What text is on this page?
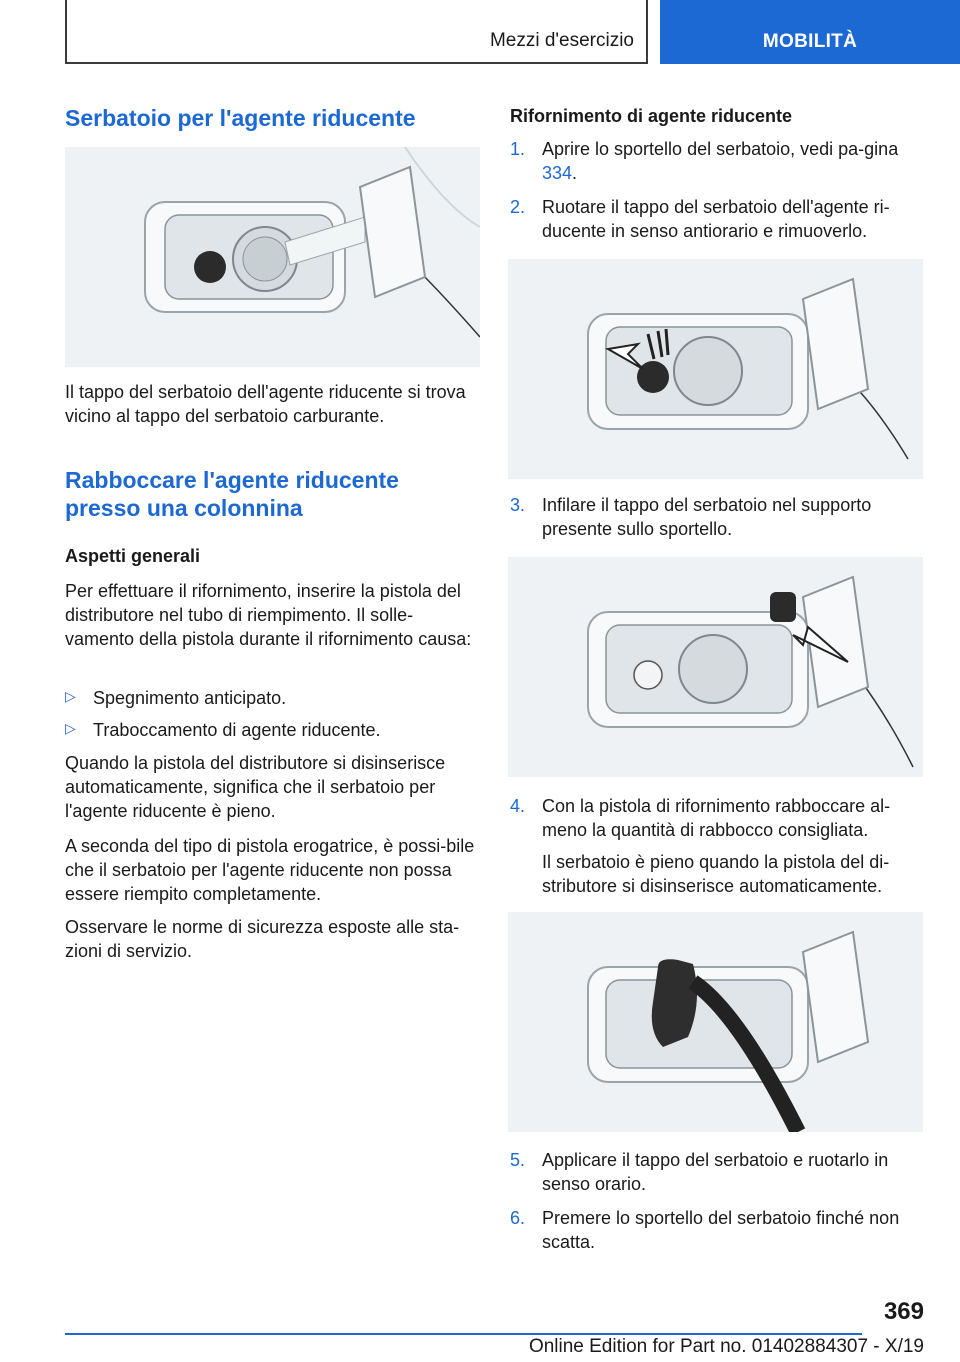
Mezzi d'esercizio	MOBILITÀ
Serbatoio per l'agente riducente

Il tappo del serbatoio dell'agente riducente si trova vicino al tappo del serbatoio carburante.

Rabboccare l'agente riducente presso una colonnina
Aspetti generali

Per effettuare il rifornimento, inserire la pistola del distributore nel tubo di riempimento. Il solle-vamento della pistola durante il rifornimento causa:

▷ Spegnimento anticipato.

▷ Traboccamento di agente riducente.

Quando la pistola del distributore si disinserisce automaticamente, significa che il serbatoio per l'agente riducente è pieno.

A seconda del tipo di pistola erogatrice, è possi-bile che il serbatoio per l'agente riducente non possa essere riempito completamente.

Osservare le norme di sicurezza esposte alle sta-zioni di servizio.

Rifornimento di agente riducente
1. Aprire lo sportello del serbatoio, vedi pa-gina 334.
2. Ruotare il tappo del serbatoio dell'agente ri-ducente in senso antiorario e rimuoverlo.
3. Infilare il tappo del serbatoio nel supporto presente sullo sportello.
4. Con la pistola di rifornimento rabboccare al-meno la quantità di rabbocco consigliata.

Il serbatoio è pieno quando la pistola del di-stributore si disinserisce automaticamente.

5. Applicare il tappo del serbatoio e ruotarlo in senso orario.
6. Premere lo sportello del serbatoio finché non scatta.
369
Online Edition for Part no. 01402884307 - X/19
